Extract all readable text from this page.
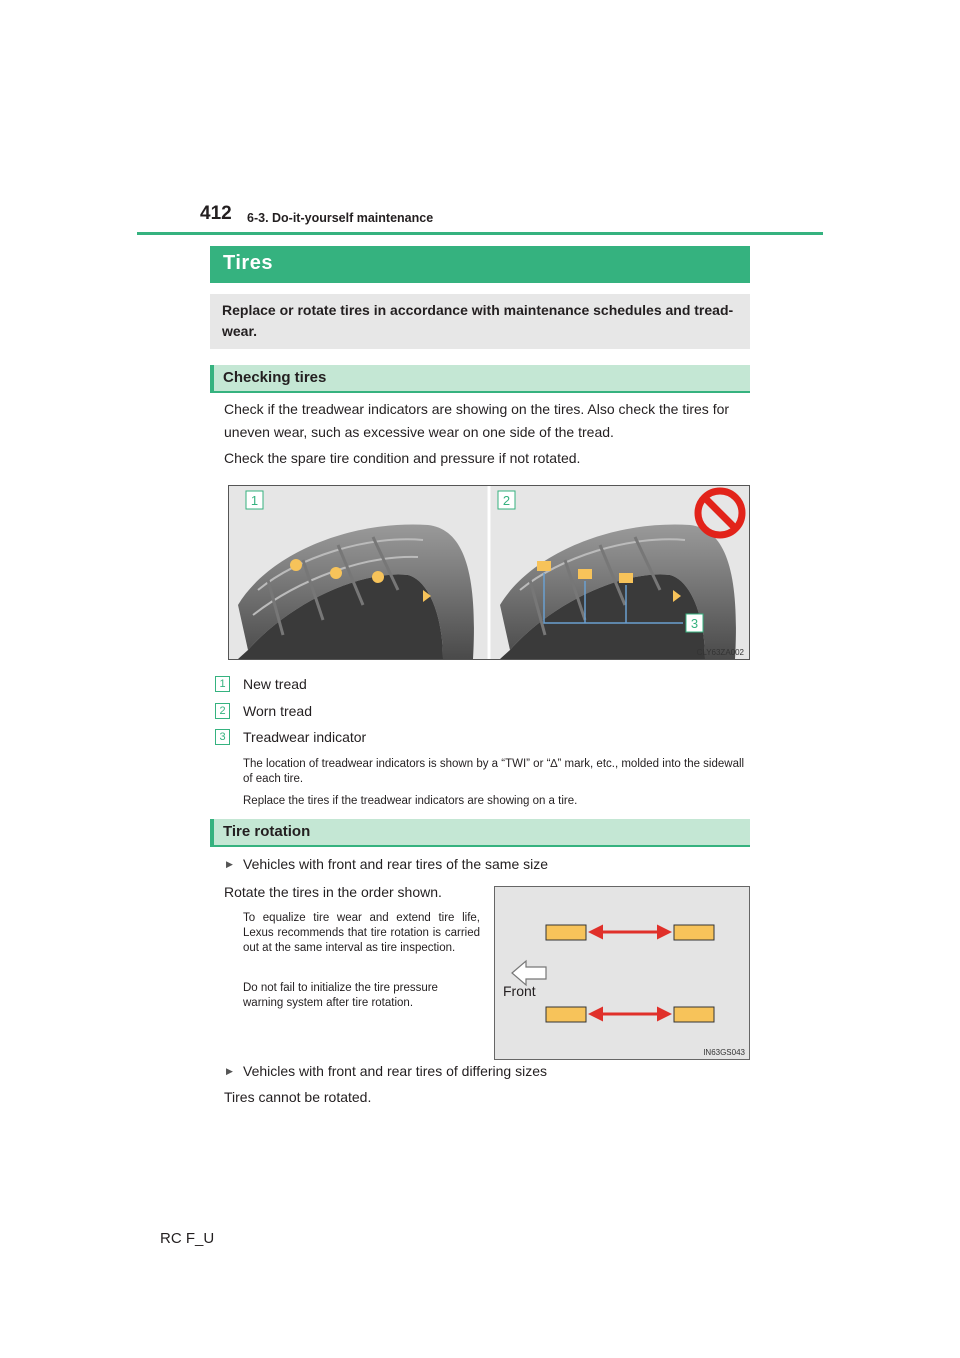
412 6-3. Do-it-yourself maintenance
Tires
Replace or rotate tires in accordance with maintenance schedules and tread-wear.
Checking tires
Check if the treadwear indicators are showing on the tires. Also check the tires for uneven wear, such as excessive wear on one side of the tread.
Check the spare tire condition and pressure if not rotated.
1	2
3
CLY63ZA002
1	New tread
2	Worn tread
3	Treadwear indicator
The location of treadwear indicators is shown by a “TWI” or “∆” mark, etc., molded into the sidewall of each tire.
Replace the tires if the treadwear indicators are showing on a tire.
Tire rotation
▶ Vehicles with front and rear tires of the same size
Rotate the tires in the order shown.
To equalize tire wear and extend tire life, Lexus recommends that tire rotation is carried out at the same interval as tire inspection.
Do not fail to initialize the tire pressure warning system after tire rotation.
Front
IN63GS043
▶ Vehicles with front and rear tires of differing sizes
Tires cannot be rotated.
RC F_U
